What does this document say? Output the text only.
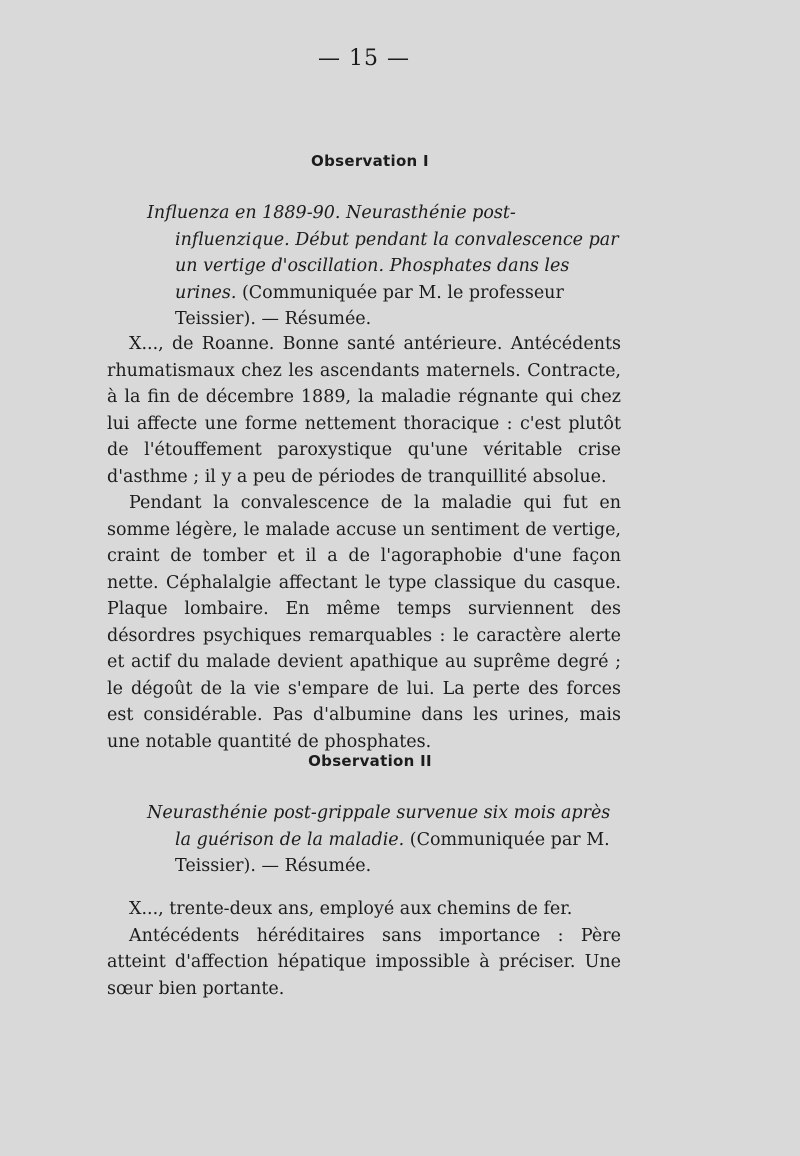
— 15 —
Observation I

Influenza en 1889-90. Neurasthénie post-influenzique. Début pendant la convalescence par un vertige d'oscillation. Phosphates dans les urines. (Communiquée par M. le professeur Teissier). — Résumée.

X..., de Roanne. Bonne santé antérieure. Antécédents rhumatismaux chez les ascendants maternels. Contracte, à la fin de décembre 1889, la maladie régnante qui chez lui affecte une forme nettement thoracique : c'est plutôt de l'étouffement paroxystique qu'une véritable crise d'asthme ; il y a peu de périodes de tranquillité absolue.

Pendant la convalescence de la maladie qui fut en somme légère, le malade accuse un sentiment de vertige, craint de tomber et il a de l'agoraphobie d'une façon nette. Céphalalgie affectant le type classique du casque. Plaque lombaire. En même temps surviennent des désordres psychiques remarquables : le caractère alerte et actif du malade devient apathique au suprême degré ; le dégoût de la vie s'empare de lui. La perte des forces est considérable. Pas d'albumine dans les urines, mais une notable quantité de phosphates.

Observation II

Neurasthénie post-grippale survenue six mois après la guérison de la maladie. (Communiquée par M. Teissier). — Résumée.

X..., trente-deux ans, employé aux chemins de fer.

Antécédents héréditaires sans importance : Père atteint d'affection hépatique impossible à préciser. Une sœur bien portante.
